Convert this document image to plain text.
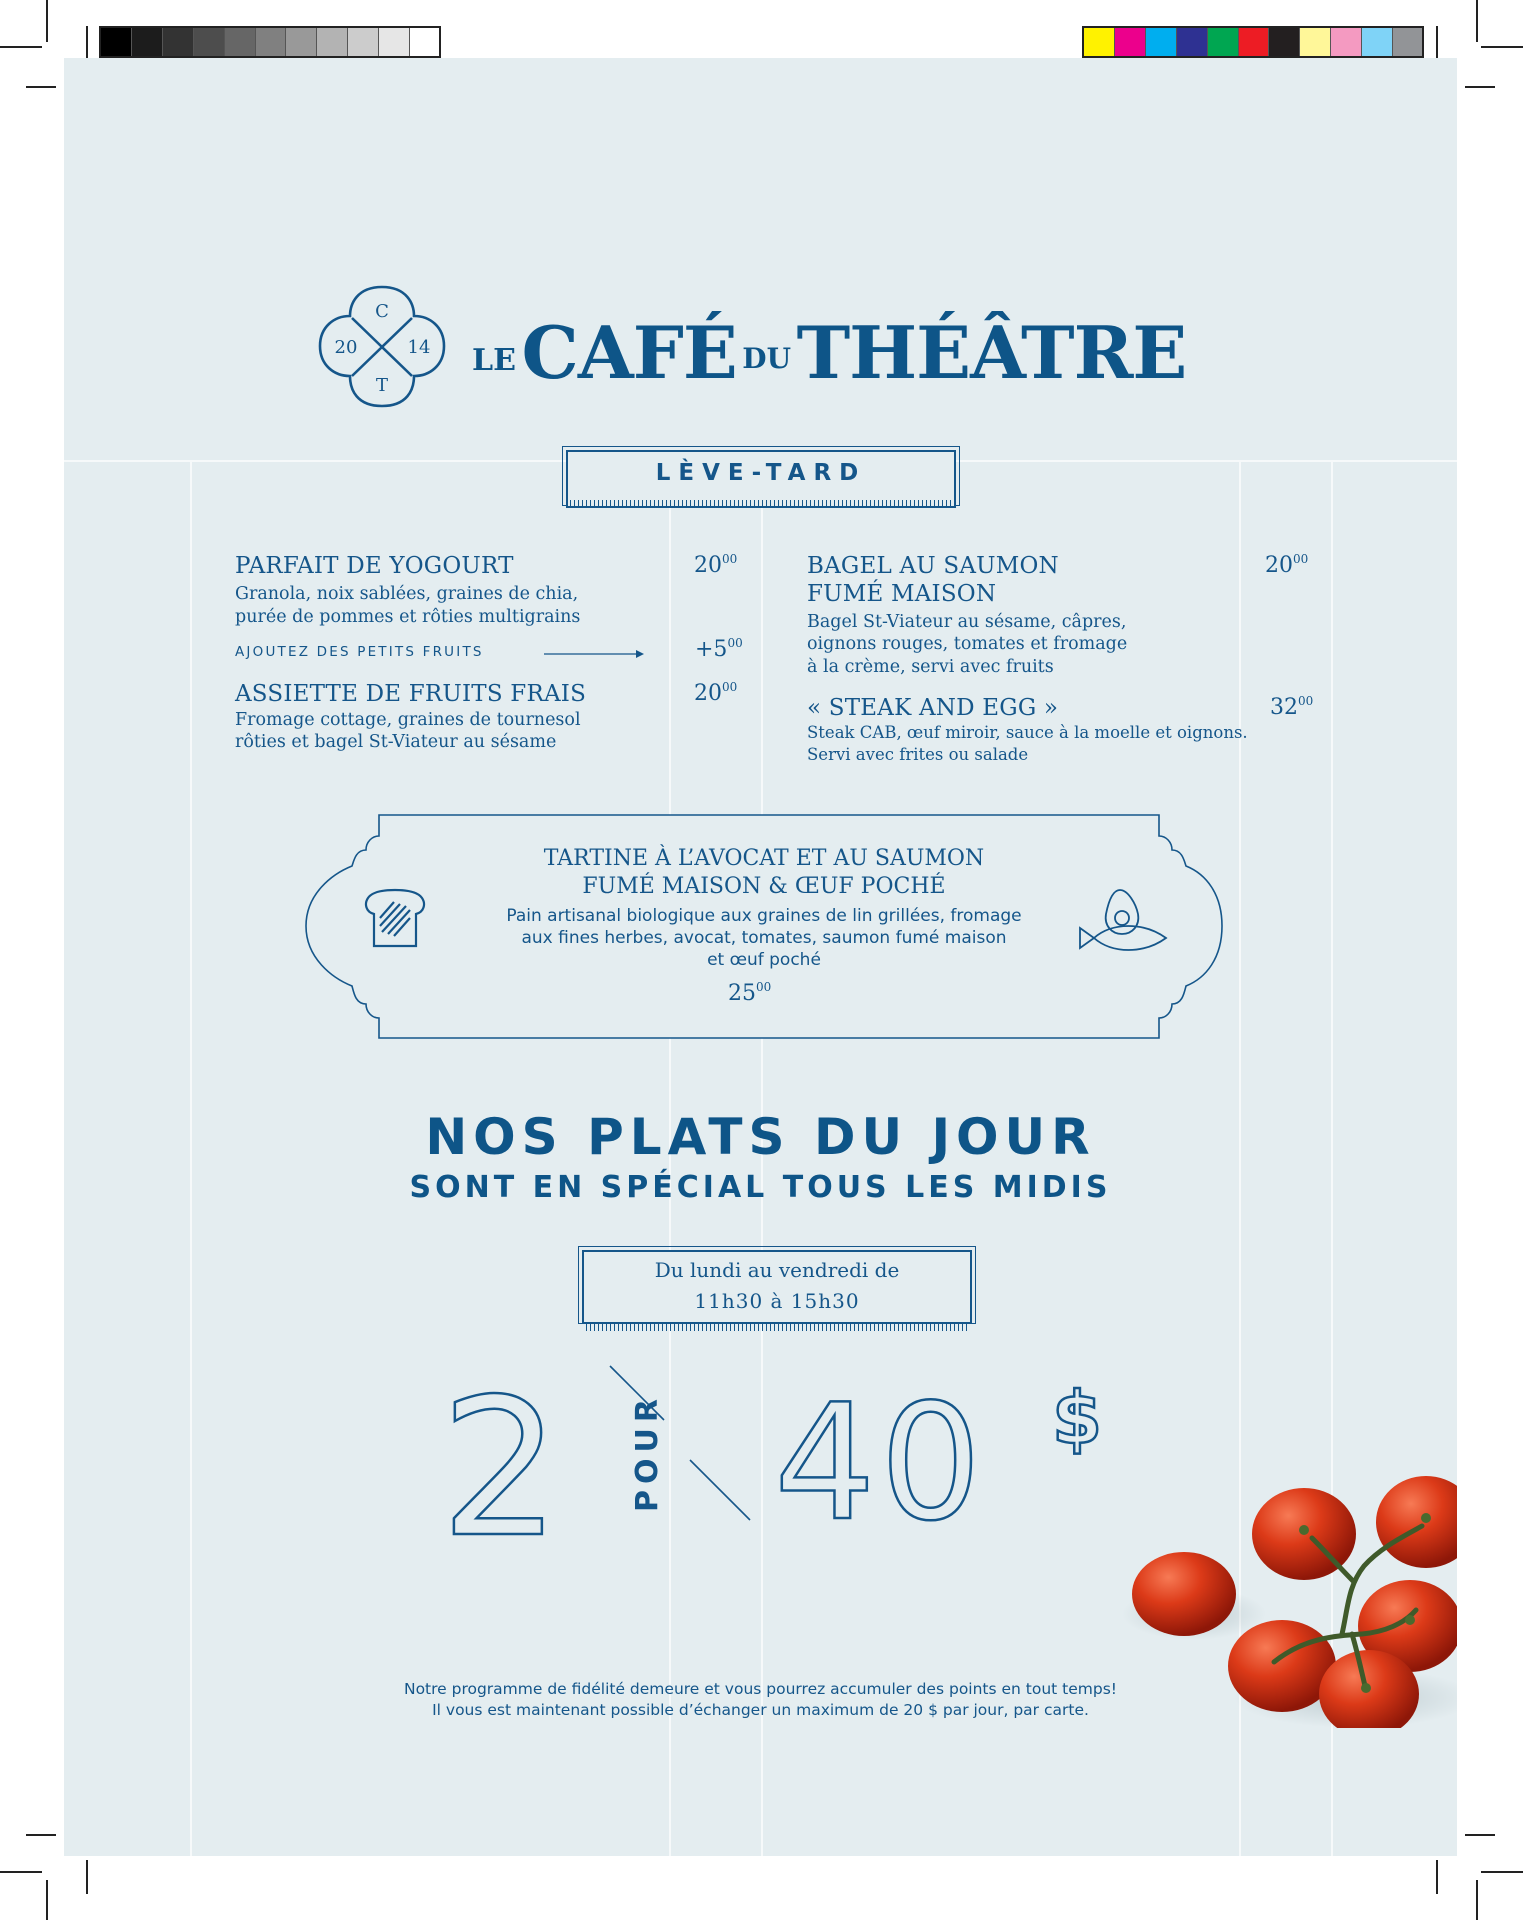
C
20	14
T
LE CAFÉ DU THÉÂTRE
LÈVE-TARD
PARFAIT DE YOGOURT
Granola, noix sablées, graines de chia,
purée de pommes et rôties multigrains
$20^{00}$
AJOUTEZ DES PETITS FRUITS	$+5^{00}$
ASSIETTE DE FRUITS FRAIS
Fromage cottage, graines de tournesol
rôties et bagel St-Viateur au sésame
$20^{00}$
BAGEL AU SAUMON
FUMÉ MAISON
Bagel St-Viateur au sésame, câpres,
oignons rouges, tomates et fromage
à la crème, servi avec fruits
$20^{00}$
« STEAK AND EGG »
Steak CAB, œuf miroir, sauce à la moelle et oignons.
Servi avec frites ou salade
$32^{00}$
TARTINE À L’AVOCAT ET AU SAUMON
FUMÉ MAISON & ŒUF POCHÉ
Pain artisanal biologique aux graines de lin grillées, fromage
aux fines herbes, avocat, tomates, saumon fumé maison
et œuf poché
$25^{00}$
NOS PLATS DU JOUR
SONT EN SPÉCIAL TOUS LES MIDIS
Du lundi au vendredi de
11h30 à 15h30
2 POUR 40 $
Notre programme de fidélité demeure et vous pourrez accumuler des points en tout temps!
Il vous est maintenant possible d’échanger un maximum de 20 $ par jour, par carte.
